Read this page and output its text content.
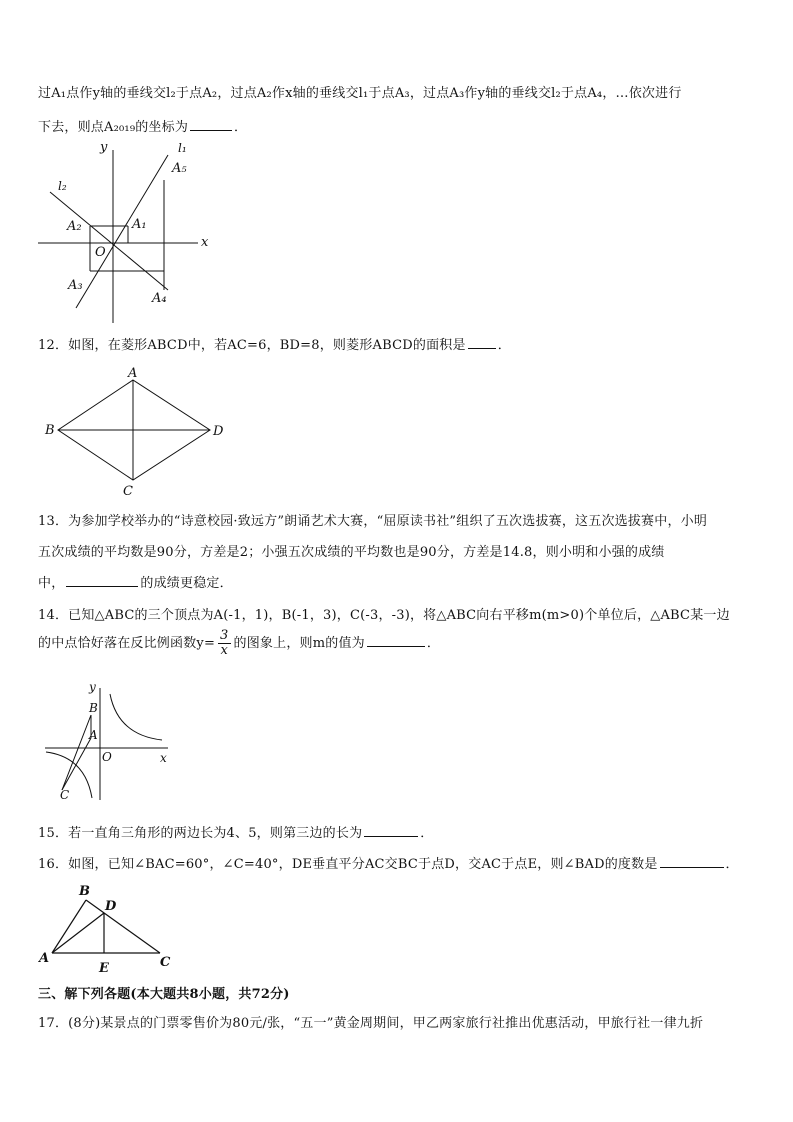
过A₁点作y轴的垂线交l₂于点A₂，过点A₂作x轴的垂线交l₁于点A₃，过点A₃作y轴的垂线交l₂于点A₄，…依次进行
下去，则点A₂₀₁₉的坐标为	．
y
x
O
l₁
l₂
A₁
A₂
A₃
A₄
A₅
12．如图，在菱形ABCD中，若AC=6，BD=8，则菱形ABCD的面积是 ．
A
B
C
D
13．为参加学校举办的“诗意校园·致远方”朗诵艺术大赛，“屈原读书社”组织了五次选拔赛，这五次选拔赛中，小明
五次成绩的平均数是90分，方差是2；小强五次成绩的平均数也是90分，方差是14.8，则小明和小强的成绩
中，	的成绩更稳定．
14．已知△ABC的三个顶点为A(-1，1)，B(-1，3)，C(-3，-3)，将△ABC向右平移m(m>0)个单位后，△ABC某一边
的中点恰好落在反比例函数$y= \frac{3}{x}$ 的图象上，则m的值为	．
y
x
O
A
B
C
15．若一直角三角形的两边长为4、5，则第三边的长为	．
16．如图，已知∠BAC=60°，∠C=40°，DE垂直平分AC交BC于点D，交AC于点E，则∠BAD的度数是	．
A
B
C
D
E
三、解下列各题(本大题共8小题，共72分)
17．(8分)某景点的门票零售价为80元/张，“五一”黄金周期间，甲乙两家旅行社推出优惠活动，甲旅行社一律九折
